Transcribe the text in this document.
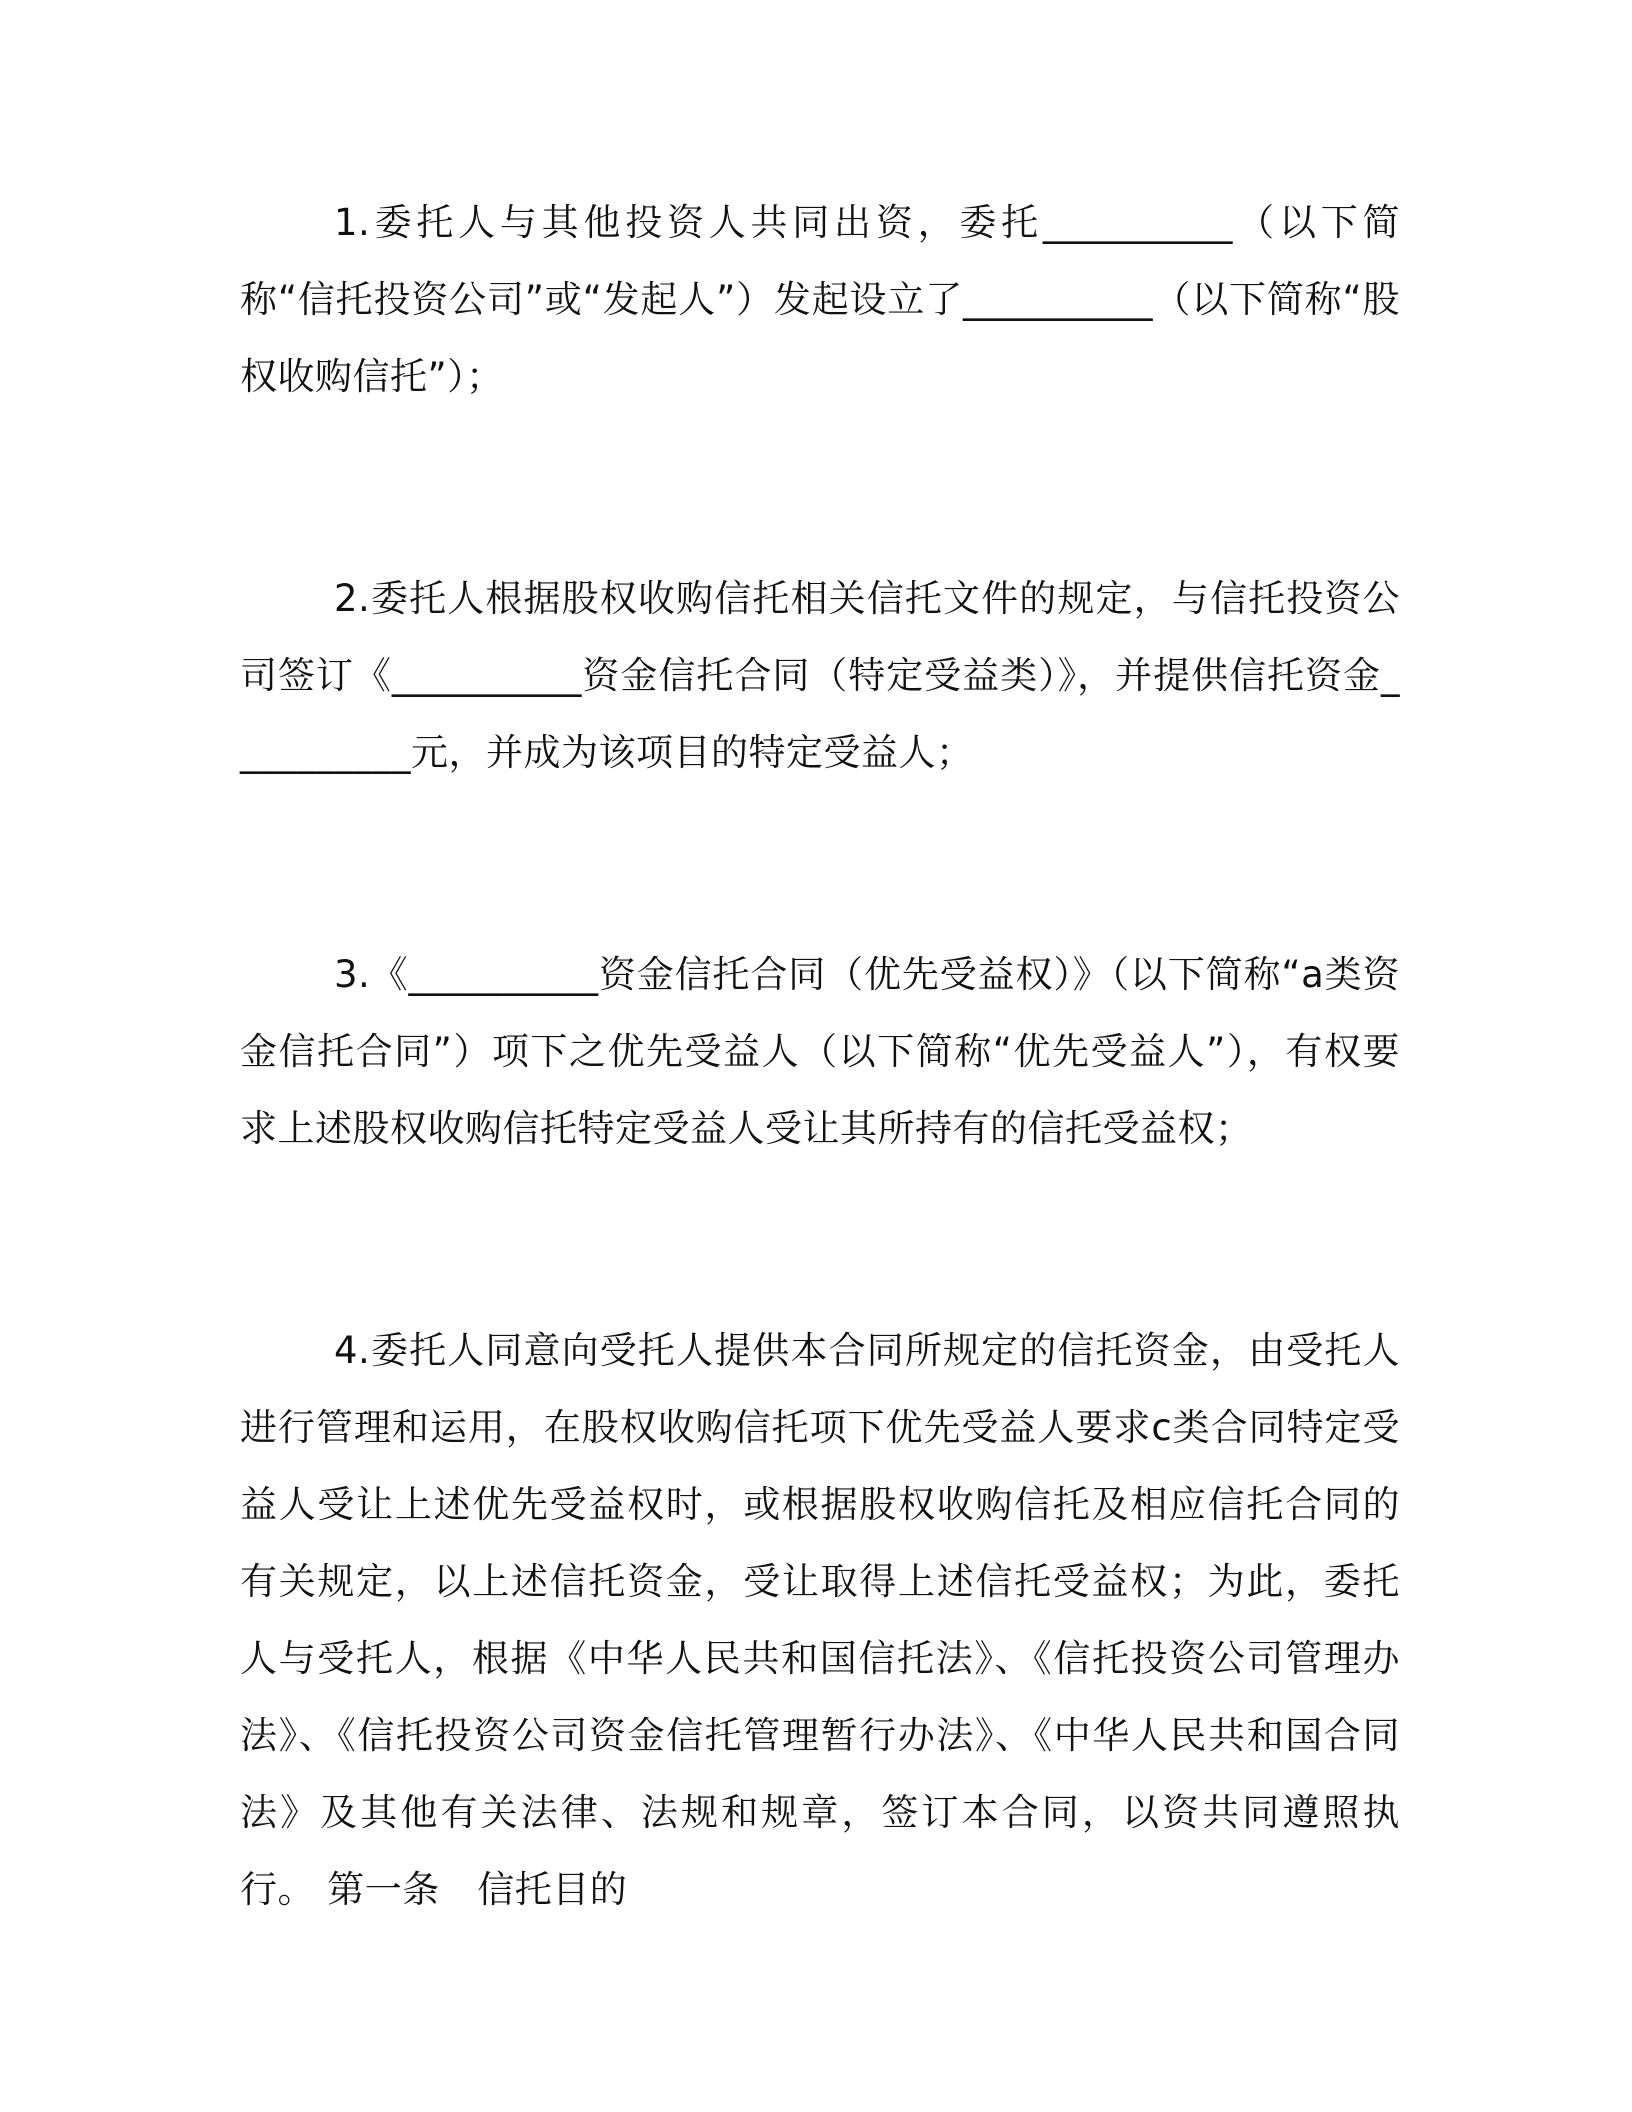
1.委托人与其他投资人共同出资，委托__________（以下简称“信托投资公司”或“发起人”）发起设立了__________（以下简称“股权收购信托”）；

2.委托人根据股权收购信托相关信托文件的规定，与信托投资公司签订《__________资金信托合同（特定受益类）》，并提供信托资金__________元，并成为该项目的特定受益人；

3.《__________资金信托合同（优先受益权）》（以下简称“a类资金信托合同”）项下之优先受益人（以下简称“优先受益人”），有权要求上述股权收购信托特定受益人受让其所持有的信托受益权；

4.委托人同意向受托人提供本合同所规定的信托资金，由受托人进行管理和运用，在股权收购信托项下优先受益人要求c类合同特定受益人受让上述优先受益权时，或根据股权收购信托及相应信托合同的有关规定，以上述信托资金，受让取得上述信托受益权；为此，委托人与受托人，根据《中华人民共和国信托法》、《信托投资公司管理办法》、《信托投资公司资金信托管理暂行办法》、《中华人民共和国合同法》及其他有关法律、法规和规章，签订本合同，以资共同遵照执行。 第一条　信托目的
